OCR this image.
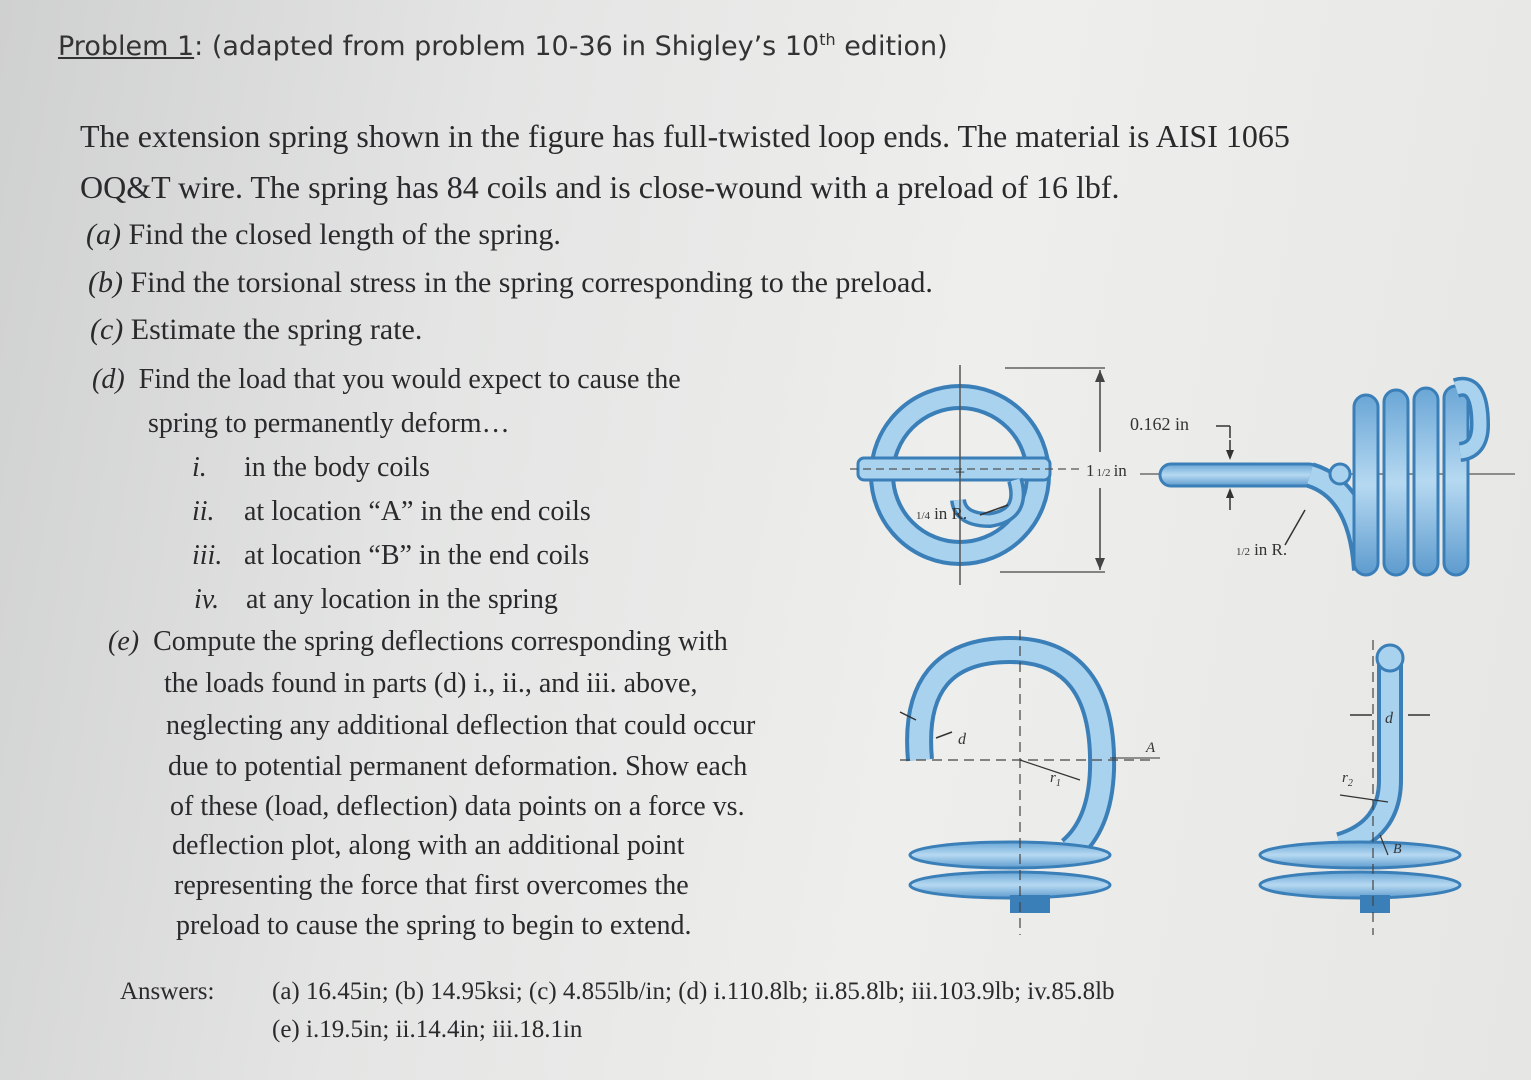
Problem 1: (adapted from problem 10-36 in Shigley’s 10th edition)
The extension spring shown in the figure has full-twisted loop ends. The material is AISI 1065
OQ&T wire. The spring has 84 coils and is close-wound with a preload of 16 lbf.
(a) Find the closed length of the spring.
(b) Find the torsional stress in the spring corresponding to the preload.
(c) Estimate the spring rate.
(d) Find the load that you would expect to cause the
spring to permanently deform…
i. in the body coils
ii. at location “A” in the end coils
iii. at location “B” in the end coils
iv. at any location in the spring
(e) Compute the spring deflections corresponding with
the loads found in parts (d) i., ii., and iii. above,
neglecting any additional deflection that could occur
due to potential permanent deformation. Show each
of these (load, deflection) data points on a force vs.
deflection plot, along with an additional point
representing the force that first overcomes the
preload to cause the spring to begin to extend.
+
1/4 in R.
1 1/2 in
0.162 in
1/2 in R.
d
$r_1$
A
d
$r_2$
B
Answers: (a) 16.45in; (b) 14.95ksi; (c) 4.855lb/in; (d) i.110.8lb; ii.85.8lb; iii.103.9lb; iv.85.8lb
(e) i.19.5in; ii.14.4in; iii.18.1in
